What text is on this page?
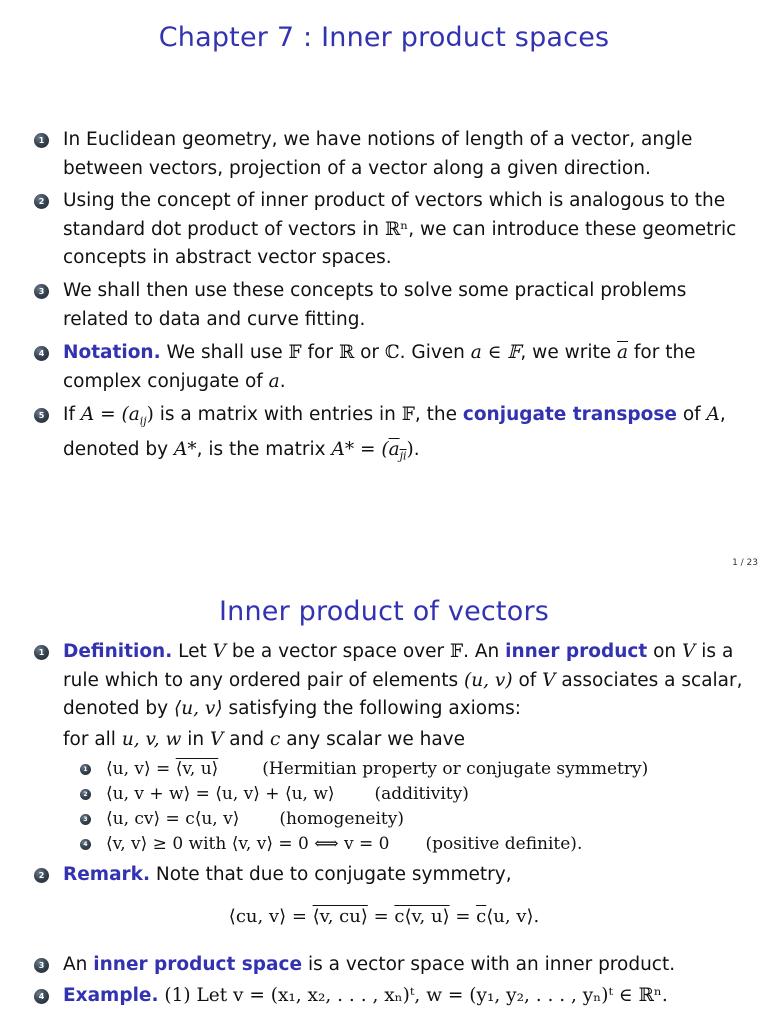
Chapter 7 : Inner product spaces
1 In Euclidean geometry, we have notions of length of a vector, angle between vectors, projection of a vector along a given direction.
2 Using the concept of inner product of vectors which is analogous to the standard dot product of vectors in ℝⁿ, we can introduce these geometric concepts in abstract vector spaces.
3 We shall then use these concepts to solve some practical problems related to data and curve fitting.
4 Notation. We shall use 𝔽 for ℝ or ℂ. Given a ∈ 𝔽, we write $\overline{a}$ for the complex conjugate of a.
5 If $A = (a_{ij})$ is a matrix with entries in 𝔽, the conjugate transpose of A, denoted by A*, is the matrix $A* = (a_{ji})$.
1 / 23
Inner product of vectors
1 Definition. Let V be a vector space over 𝔽. An inner product on V is a rule which to any ordered pair of elements (u, v) of V associates a scalar, denoted by ⟨u, v⟩ satisfying the following axioms:
for all u, v, w in V and c any scalar we have
1 ⟨u, v⟩ = ⟨v, u⟩	(Hermitian property or conjugate symmetry)
2 ⟨u, v + w⟩ = ⟨u, v⟩ + ⟨u, w⟩ (additivity)
3 ⟨u, cv⟩ = c⟨u, v⟩ (homogeneity)
4 ⟨v, v⟩ ≥ 0 with ⟨v, v⟩ = 0 ⟺ v = 0 (positive definite).
2 Remark. Note that due to conjugate symmetry,
⟨cu, v⟩ = ⟨v, cu⟩ = c⟨v, u⟩ = $\overline{c}⟨u$, v⟩.
3 An inner product space is a vector space with an inner product.
4 Example. (1) Let v = (x₁, x₂, . . . , xₙ)ᵗ, w = (y₁, y₂, . . . , yₙ)ᵗ ∈ ℝⁿ.
